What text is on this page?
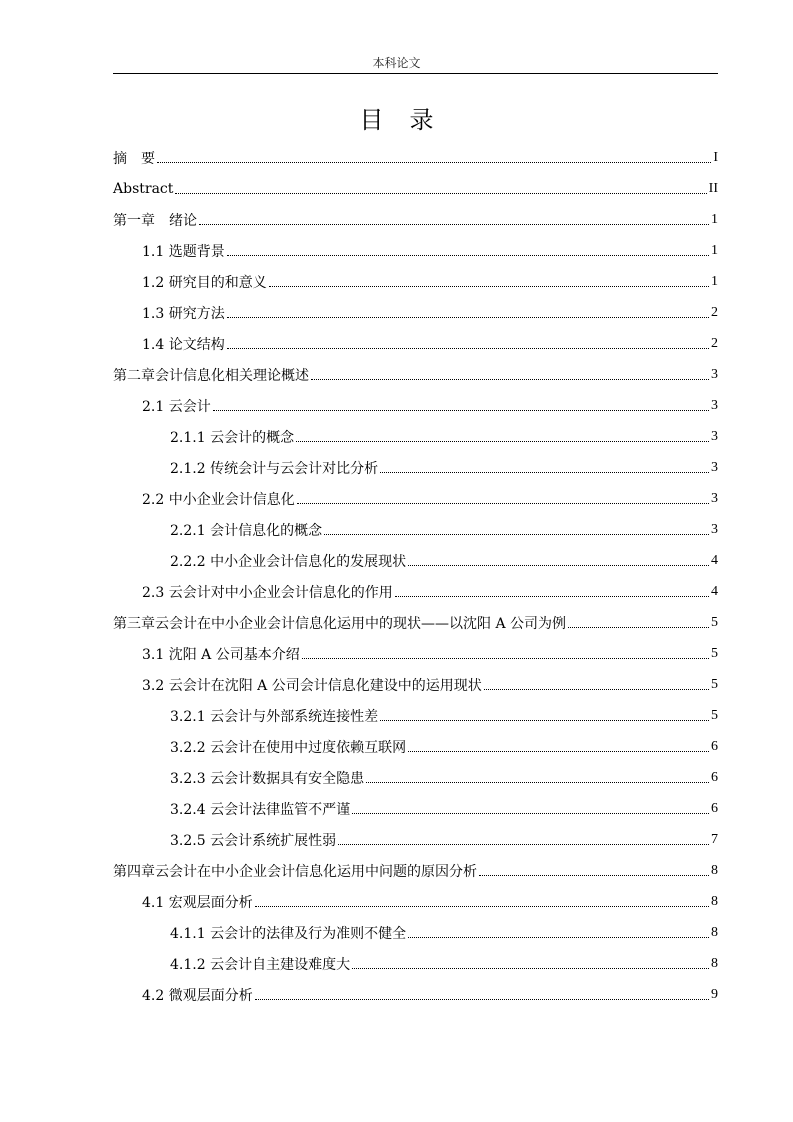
本科论文
目录
摘　要	I
Abstract	II
第一章　绪论	1
1.1 选题背景	1
1.2 研究目的和意义	1
1.3 研究方法	2
1.4 论文结构	2
第二章会计信息化相关理论概述	3
2.1 云会计	3
2.1.1 云会计的概念	3
2.1.2 传统会计与云会计对比分析	3
2.2 中小企业会计信息化	3
2.2.1 会计信息化的概念	3
2.2.2 中小企业会计信息化的发展现状	4
2.3 云会计对中小企业会计信息化的作用	4
第三章云会计在中小企业会计信息化运用中的现状——以沈阳 A 公司为例	5
3.1 沈阳 A 公司基本介绍	5
3.2 云会计在沈阳 A 公司会计信息化建设中的运用现状	5
3.2.1 云会计与外部系统连接性差	5
3.2.2 云会计在使用中过度依赖互联网	6
3.2.3 云会计数据具有安全隐患	6
3.2.4 云会计法律监管不严谨	6
3.2.5 云会计系统扩展性弱	7
第四章云会计在中小企业会计信息化运用中问题的原因分析	8
4.1 宏观层面分析	8
4.1.1 云会计的法律及行为准则不健全	8
4.1.2 云会计自主建设难度大	8
4.2 微观层面分析	9
